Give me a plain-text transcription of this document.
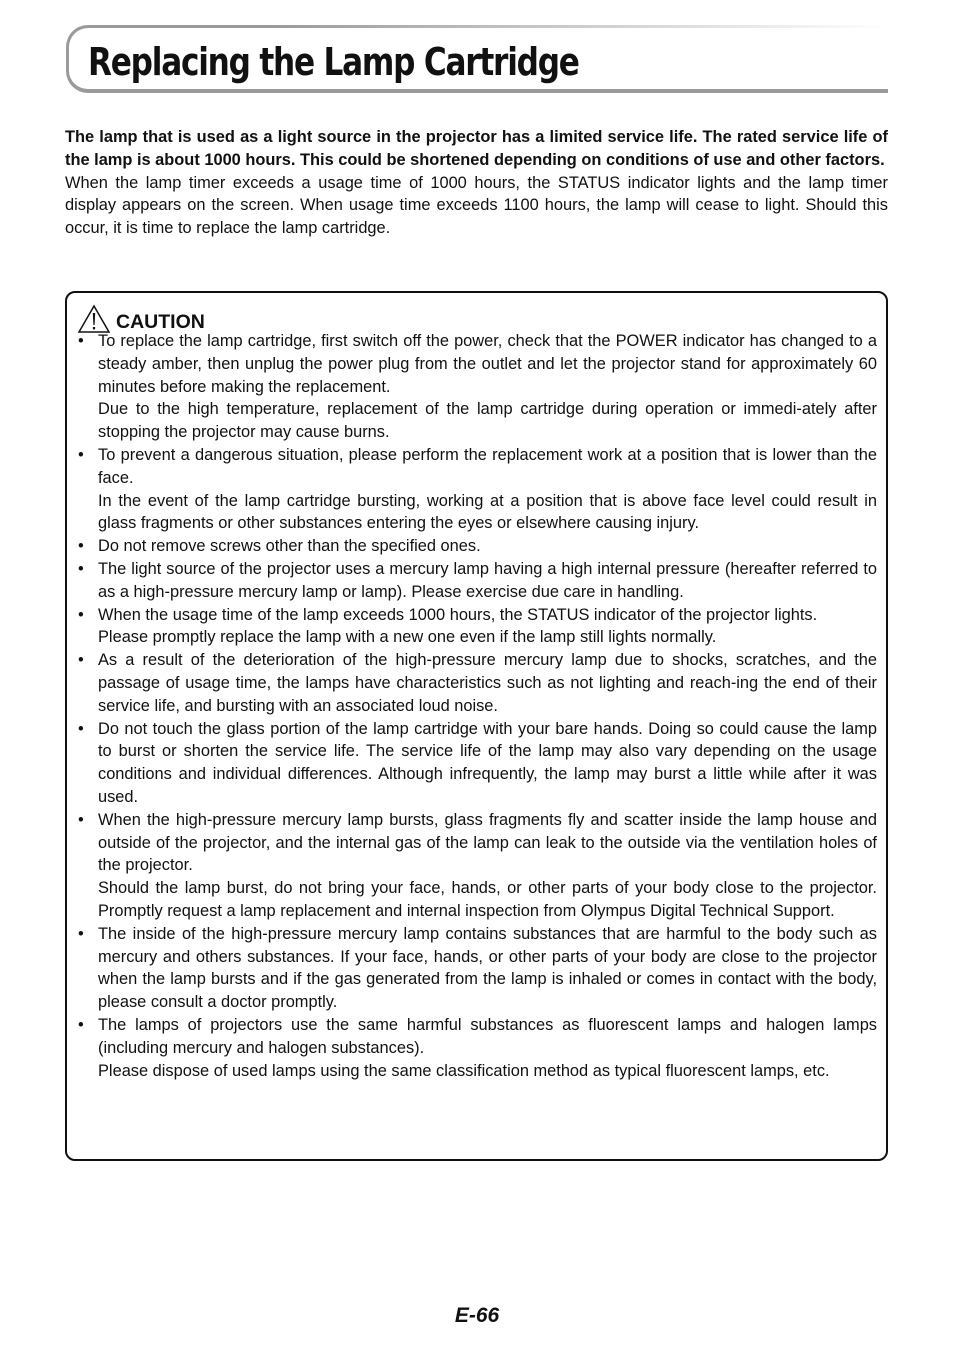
Replacing the Lamp Cartridge

The lamp that is used as a light source in the projector has a limited service life. The rated service life of the lamp is about 1000 hours. This could be shortened depending on conditions of use and other factors.

When the lamp timer exceeds a usage time of 1000 hours, the STATUS indicator lights and the lamp timer display appears on the screen. When usage time exceeds 1100 hours, the lamp will cease to light. Should this occur, it is time to replace the lamp cartridge.

CAUTION

• To replace the lamp cartridge, first switch off the power, check that the POWER indicator has changed to a steady amber, then unplug the power plug from the outlet and let the projector stand for approximately 60 minutes before making the replacement.

Due to the high temperature, replacement of the lamp cartridge during operation or immedi-ately after stopping the projector may cause burns.

• To prevent a dangerous situation, please perform the replacement work at a position that is lower than the face.

In the event of the lamp cartridge bursting, working at a position that is above face level could result in glass fragments or other substances entering the eyes or elsewhere causing injury.

• Do not remove screws other than the specified ones.

• The light source of the projector uses a mercury lamp having a high internal pressure (hereafter referred to as a high-pressure mercury lamp or lamp). Please exercise due care in handling.

• When the usage time of the lamp exceeds 1000 hours, the STATUS indicator of the projector lights.

Please promptly replace the lamp with a new one even if the lamp still lights normally.

• As a result of the deterioration of the high-pressure mercury lamp due to shocks, scratches, and the passage of usage time, the lamps have characteristics such as not lighting and reach-ing the end of their service life, and bursting with an associated loud noise.

• Do not touch the glass portion of the lamp cartridge with your bare hands. Doing so could cause the lamp to burst or shorten the service life. The service life of the lamp may also vary depending on the usage conditions and individual differences. Although infrequently, the lamp may burst a little while after it was used.

• When the high-pressure mercury lamp bursts, glass fragments fly and scatter inside the lamp house and outside of the projector, and the internal gas of the lamp can leak to the outside via the ventilation holes of the projector.

Should the lamp burst, do not bring your face, hands, or other parts of your body close to the projector. Promptly request a lamp replacement and internal inspection from Olympus Digital Technical Support.

• The inside of the high-pressure mercury lamp contains substances that are harmful to the body such as mercury and others substances. If your face, hands, or other parts of your body are close to the projector when the lamp bursts and if the gas generated from the lamp is inhaled or comes in contact with the body, please consult a doctor promptly.

• The lamps of projectors use the same harmful substances as fluorescent lamps and halogen lamps (including mercury and halogen substances).

Please dispose of used lamps using the same classification method as typical fluorescent lamps, etc.

E-66
